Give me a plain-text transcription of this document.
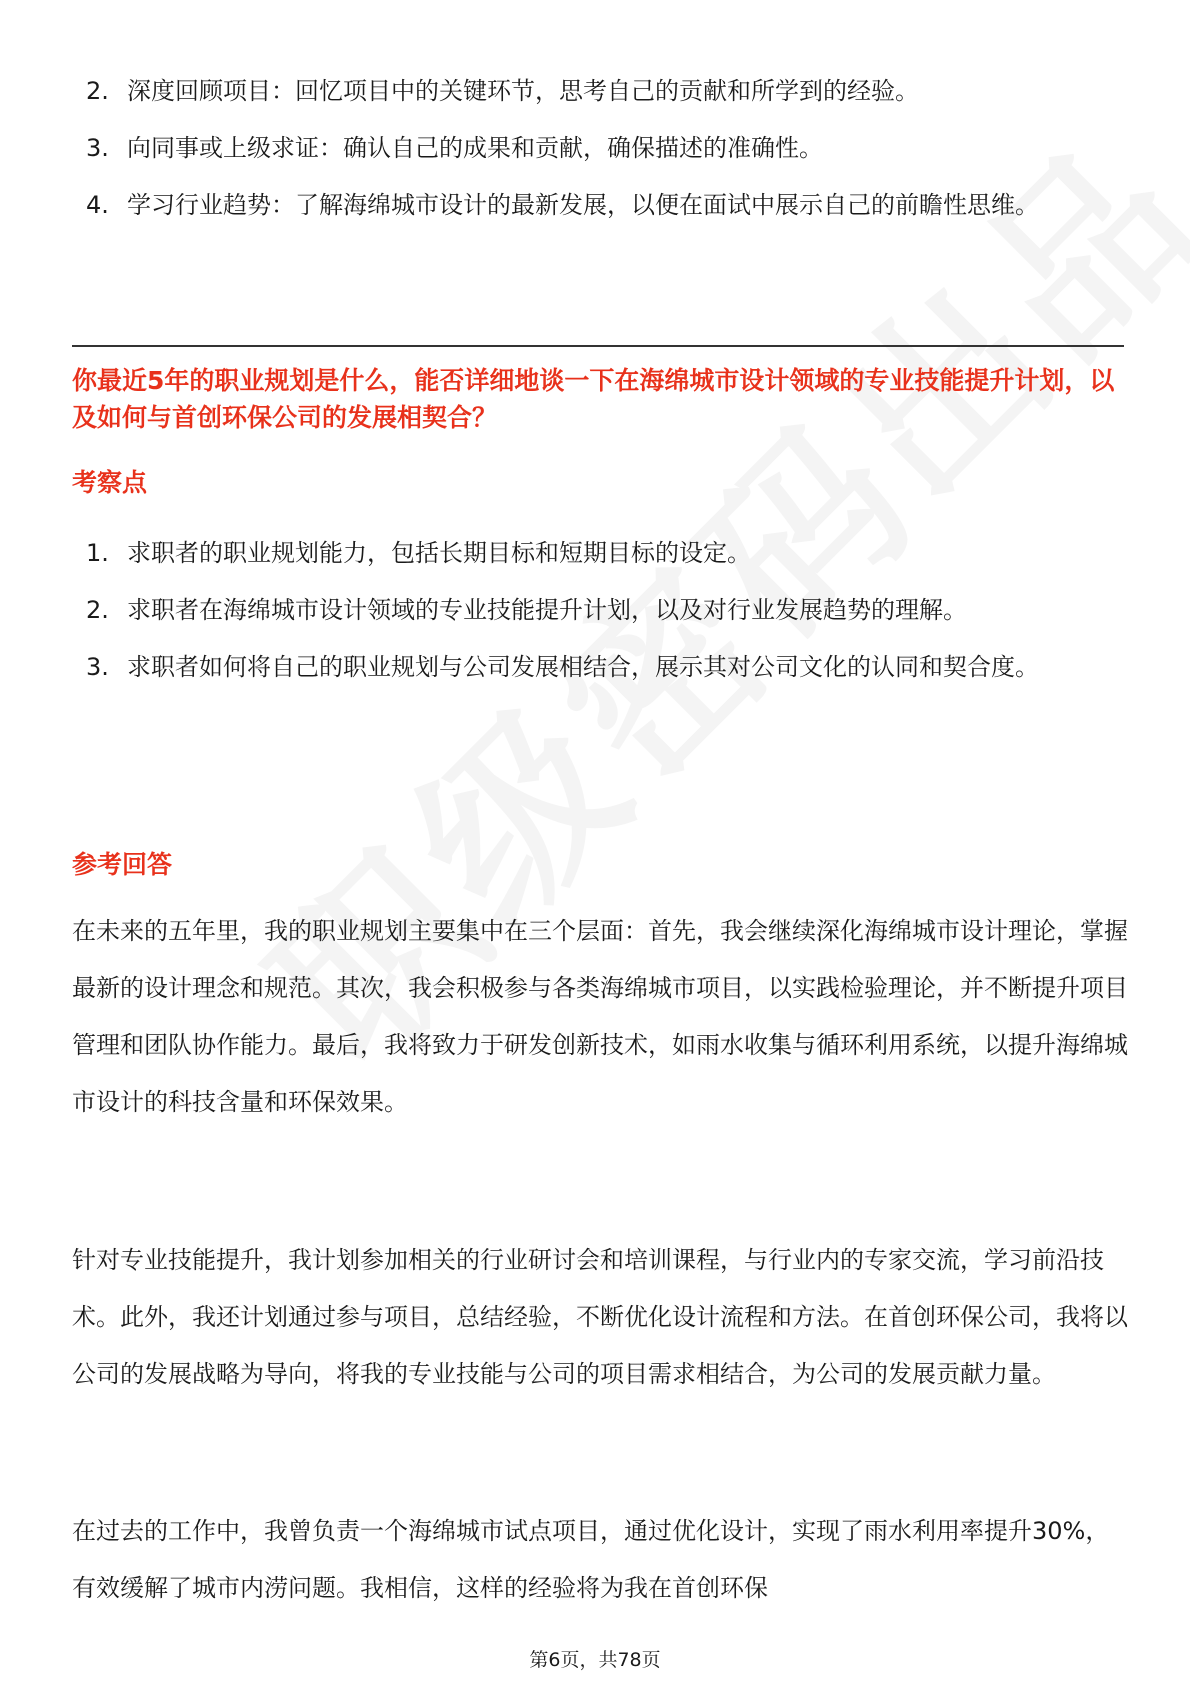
2. 深度回顾项目：回忆项目中的关键环节，思考自己的贡献和所学到的经验。
3. 向同事或上级求证：确认自己的成果和贡献，确保描述的准确性。
4. 学习行业趋势：了解海绵城市设计的最新发展，以便在面试中展示自己的前瞻性思维。
你最近5年的职业规划是什么，能否详细地谈一下在海绵城市设计领域的专业技能提升计划，以及如何与首创环保公司的发展相契合？
考察点
1. 求职者的职业规划能力，包括长期目标和短期目标的设定。
2. 求职者在海绵城市设计领域的专业技能提升计划，以及对行业发展趋势的理解。
3. 求职者如何将自己的职业规划与公司发展相结合，展示其对公司文化的认同和契合度。
参考回答

在未来的五年里，我的职业规划主要集中在三个层面：首先，我会继续深化海绵城市设计理论，掌握最新的设计理念和规范。其次，我会积极参与各类海绵城市项目，以实践检验理论，并不断提升项目管理和团队协作能力。最后，我将致力于研发创新技术，如雨水收集与循环利用系统，以提升海绵城市设计的科技含量和环保效果。

针对专业技能提升，我计划参加相关的行业研讨会和培训课程，与行业内的专家交流，学习前沿技术。此外，我还计划通过参与项目，总结经验，不断优化设计流程和方法。在首创环保公司，我将以公司的发展战略为导向，将我的专业技能与公司的项目需求相结合，为公司的发展贡献力量。

在过去的工作中，我曾负责一个海绵城市试点项目，通过优化设计，实现了雨水利用率提升30%，有效缓解了城市内涝问题。我相信，这样的经验将为我在首创环保

第6页，共78页
